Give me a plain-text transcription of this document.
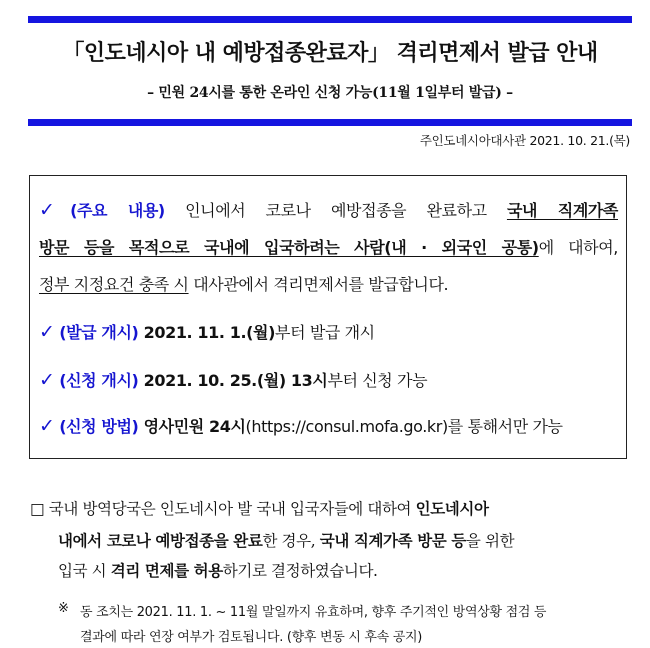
「인도네시아 내 예방접종완료자」 격리면제서 발급 안내
– 민원 24시를 통한 온라인 신청 가능(11월 1일부터 발급) –
주인도네시아대사관 2021. 10. 21.(목)
✓(주요 내용) 인니에서 코로나 예방접종을 완료하고 국내 직계가족
방문 등을 목적으로 국내에 입국하려는 사람(내 · 외국인 공통)에 대하여,
정부 지정요건 충족 시 대사관에서 격리면제서를 발급합니다.
✓ (발급 개시) 2021. 11. 1.(월)부터 발급 개시
✓ (신청 개시) 2021. 10. 25.(월) 13시부터 신청 가능
✓ (신청 방법) 영사민원 24시(https://consul.mofa.go.kr)를 통해서만 가능
□ 국내 방역당국은 인도네시아 발 국내 입국자들에 대하여 인도네시아
내에서 코로나 예방접종을 완료한 경우, 국내 직계가족 방문 등을 위한
입국 시 격리 면제를 허용하기로 결정하였습니다.
※ 동 조치는 2021. 11. 1. ~ 11월 말일까지 유효하며, 향후 주기적인 방역상황 점검 등
결과에 따라 연장 여부가 검토됩니다. (향후 변동 시 후속 공지)
